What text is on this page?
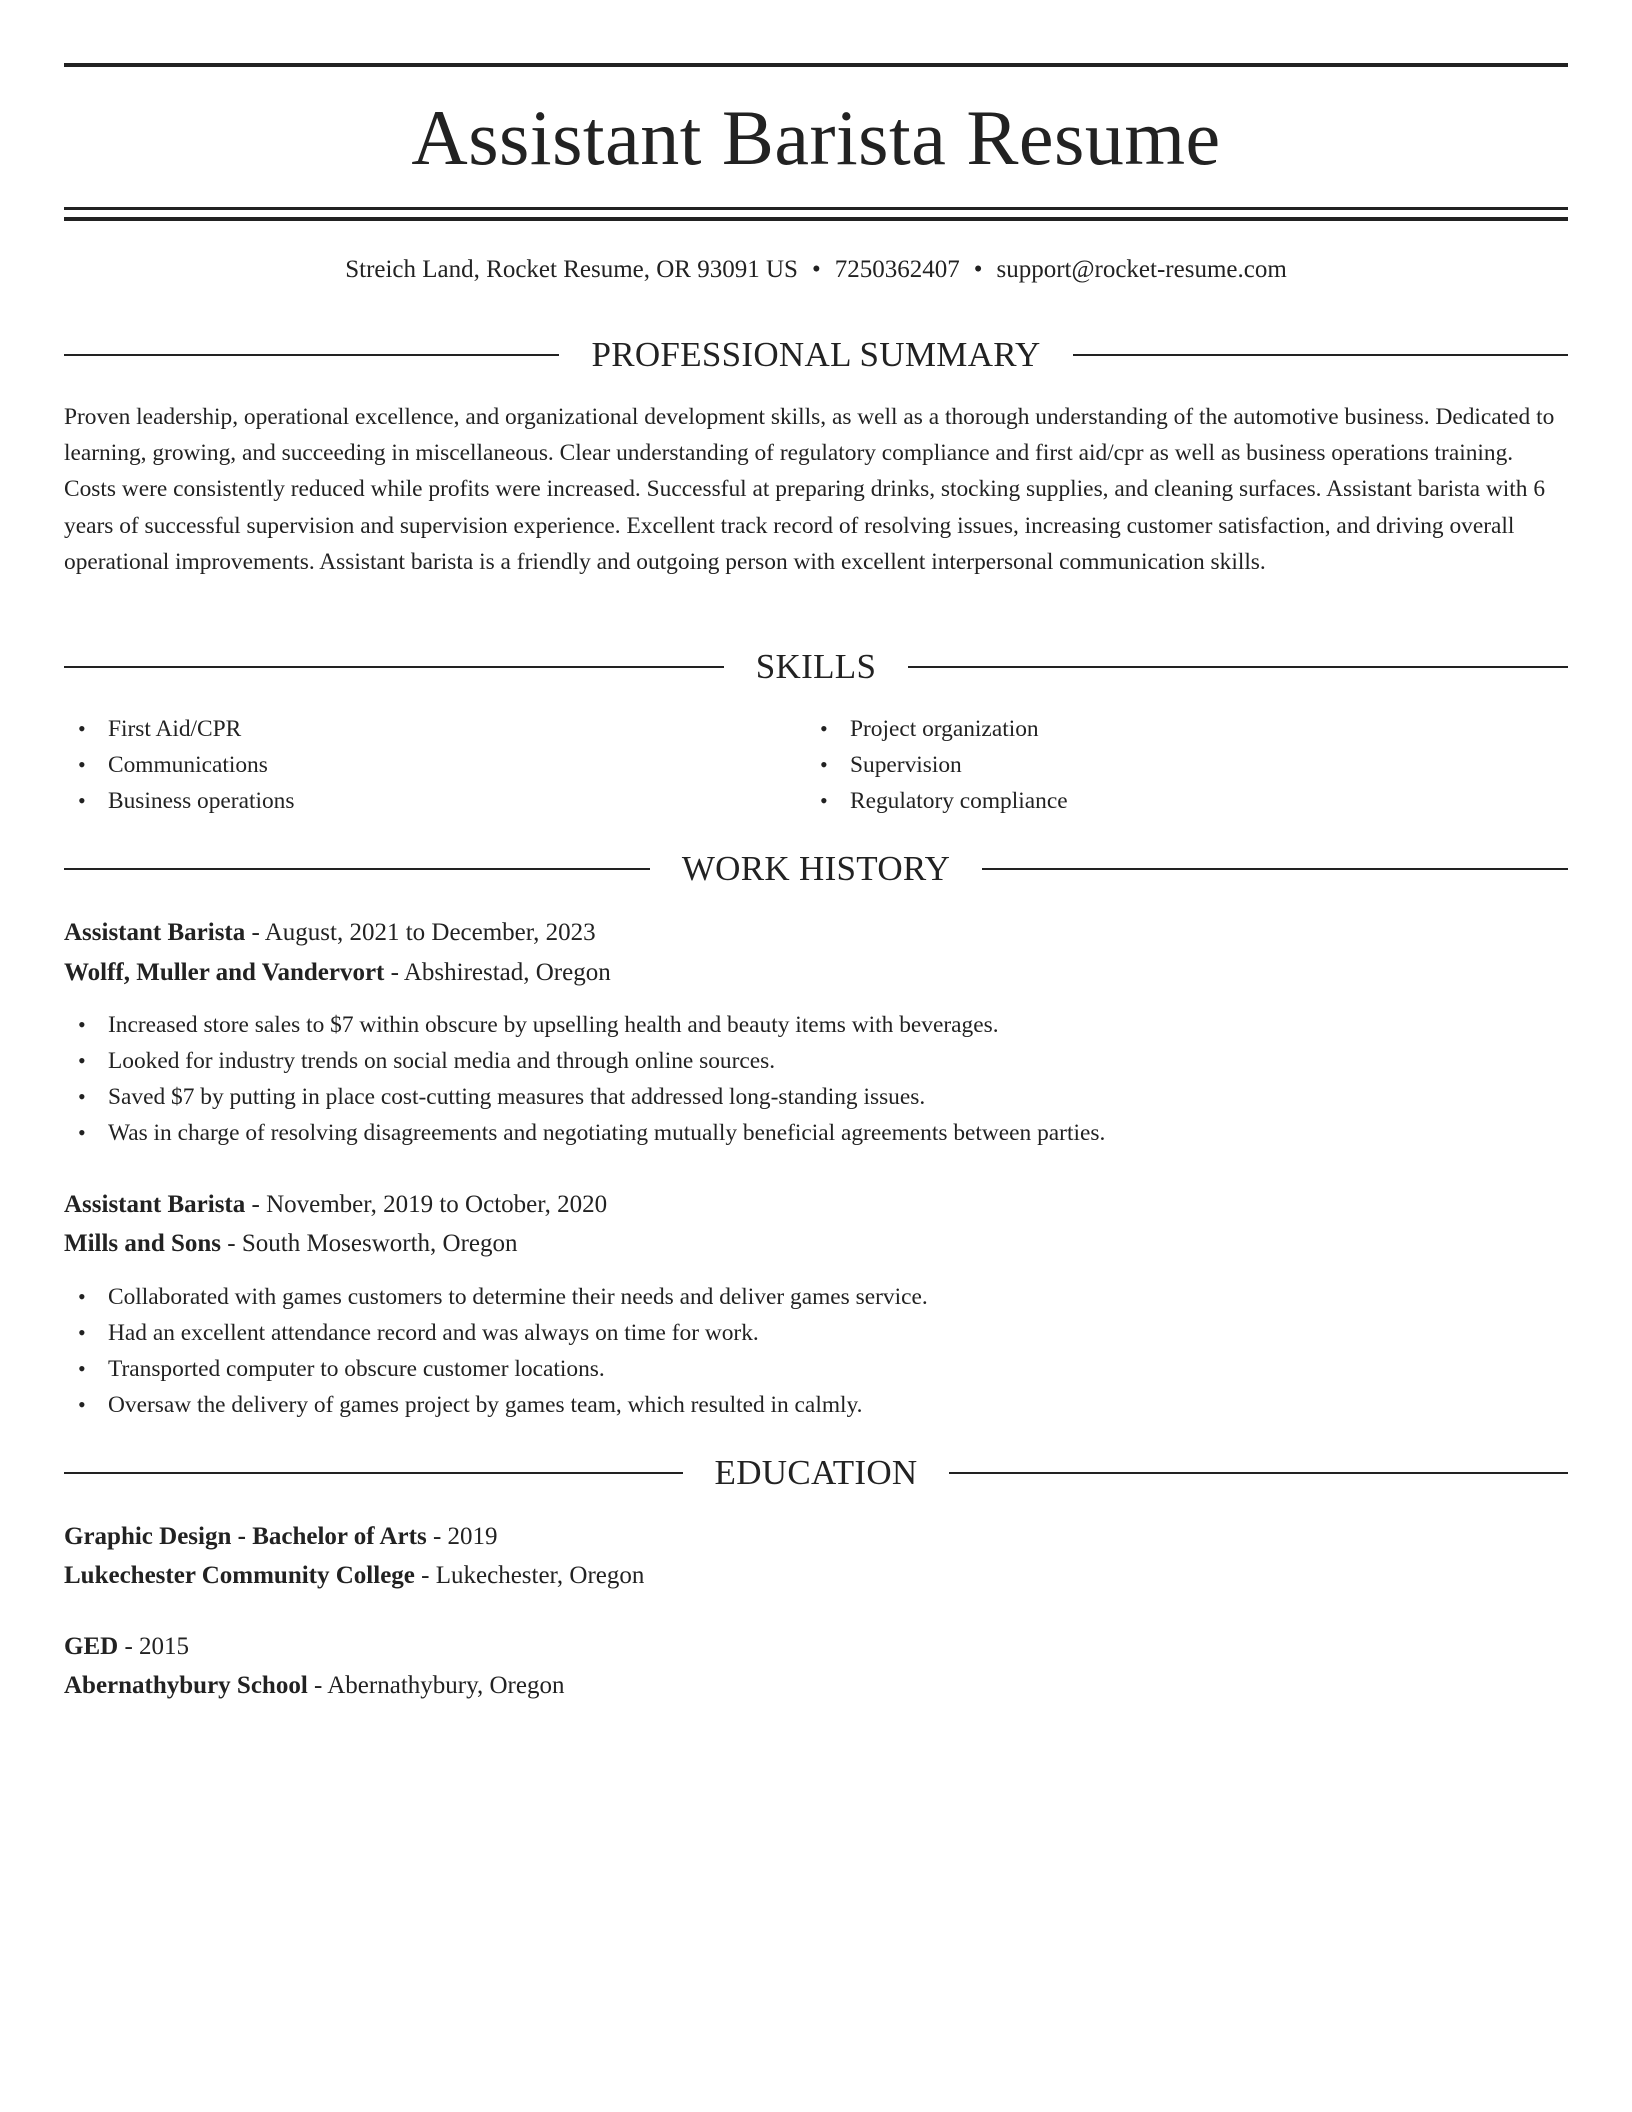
Assistant Barista Resume
Streich Land, Rocket Resume, OR 93091 US • 7250362407 • support@rocket-resume.com
PROFESSIONAL SUMMARY

Proven leadership, operational excellence, and organizational development skills, as well as a thorough understanding of the automotive business. Dedicated to learning, growing, and succeeding in miscellaneous. Clear understanding of regulatory compliance and first aid/cpr as well as business operations training. Costs were consistently reduced while profits were increased. Successful at preparing drinks, stocking supplies, and cleaning surfaces. Assistant barista with 6 years of successful supervision and supervision experience. Excellent track record of resolving issues, increasing customer satisfaction, and driving overall operational improvements. Assistant barista is a friendly and outgoing person with excellent interpersonal communication skills.

SKILLS
• First Aid/CPR
• Communications
• Business operations
• Project organization
• Supervision
• Regulatory compliance
WORK HISTORY
Assistant Barista - August, 2021 to December, 2023
Wolff, Muller and Vandervort - Abshirestad, Oregon
• Increased store sales to $7 within obscure by upselling health and beauty items with beverages.
• Looked for industry trends on social media and through online sources.
• Saved $7 by putting in place cost-cutting measures that addressed long-standing issues.
• Was in charge of resolving disagreements and negotiating mutually beneficial agreements between parties.
Assistant Barista - November, 2019 to October, 2020
Mills and Sons - South Mosesworth, Oregon
• Collaborated with games customers to determine their needs and deliver games service.
• Had an excellent attendance record and was always on time for work.
• Transported computer to obscure customer locations.
• Oversaw the delivery of games project by games team, which resulted in calmly.
EDUCATION
Graphic Design - Bachelor of Arts - 2019
Lukechester Community College - Lukechester, Oregon
GED - 2015
Abernathybury School - Abernathybury, Oregon
